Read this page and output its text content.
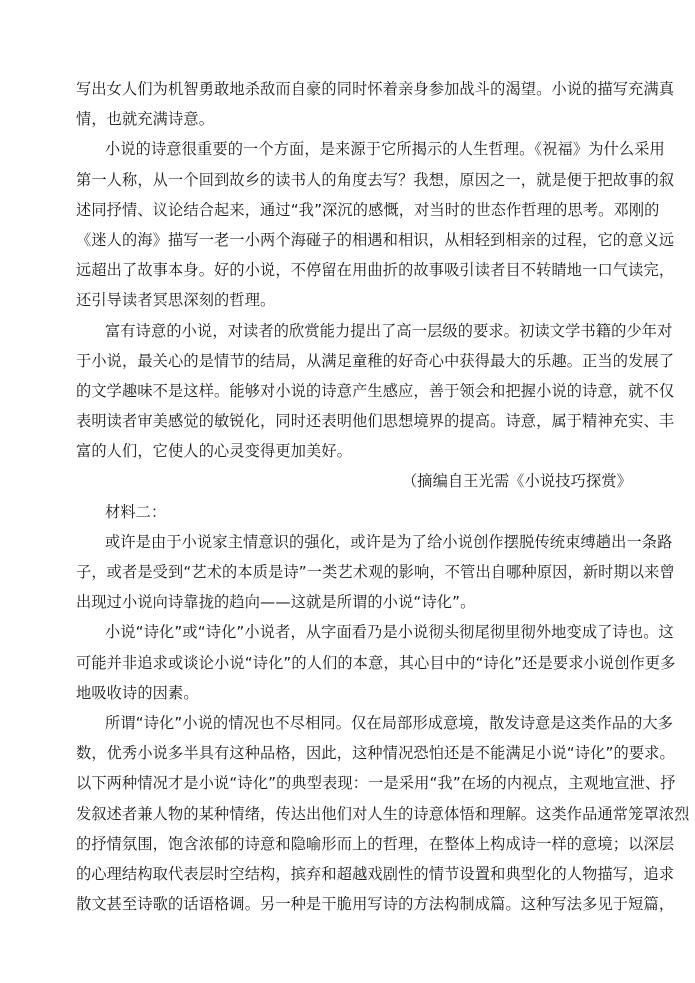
写出女人们为机智勇敢地杀敌而自豪的同时怀着亲身参加战斗的渴望。小说的描写充满真
情，也就充满诗意。
小说的诗意很重要的一个方面，是来源于它所揭示的人生哲理。《祝福》为什么采用
第一人称，从一个回到故乡的读书人的角度去写？我想，原因之一，就是便于把故事的叙
述同抒情、议论结合起来，通过“我”深沉的感慨，对当时的世态作哲理的思考。邓刚的
《迷人的海》描写一老一小两个海碰子的相遇和相识，从相轻到相亲的过程，它的意义远
远超出了故事本身。好的小说，不停留在用曲折的故事吸引读者目不转睛地一口气读完，
还引导读者冥思深刻的哲理。
富有诗意的小说，对读者的欣赏能力提出了高一层级的要求。初读文学书籍的少年对
于小说，最关心的是情节的结局，从满足童稚的好奇心中获得最大的乐趣。正当的发展了
的文学趣味不是这样。能够对小说的诗意产生感应，善于领会和把握小说的诗意，就不仅
表明读者审美感觉的敏锐化，同时还表明他们思想境界的提高。诗意，属于精神充实、丰
富的人们，它使人的心灵变得更加美好。
（摘编自王光需《小说技巧探赏》
材料二：
或许是由于小说家主情意识的强化，或许是为了给小说创作摆脱传统束缚趟出一条路
子，或者是受到“艺术的本质是诗”一类艺术观的影响，不管出自哪种原因，新时期以来曾
出现过小说向诗靠拢的趋向——这就是所谓的小说“诗化”。
小说“诗化”或“诗化”小说者，从字面看乃是小说彻头彻尾彻里彻外地变成了诗也。这
可能并非追求或谈论小说“诗化”的人们的本意，其心目中的“诗化”还是要求小说创作更多
地吸收诗的因素。
所谓“诗化”小说的情况也不尽相同。仅在局部形成意境，散发诗意是这类作品的大多
数，优秀小说多半具有这种品格，因此，这种情况恐怕还是不能满足小说“诗化”的要求。
以下两种情况才是小说“诗化”的典型表现：一是采用“我”在场的内视点，主观地宣泄、抒
发叙述者兼人物的某种情绪，传达出他们对人生的诗意体悟和理解。这类作品通常笼罩浓烈
的抒情氛围，饱含浓郁的诗意和隐喻形而上的哲理，在整体上构成诗一样的意境；以深层
的心理结构取代表层时空结构，摈弃和超越戏剧性的情节设置和典型化的人物描写，追求
散文甚至诗歌的话语格调。另一种是干脆用写诗的方法构制成篇。这种写法多见于短篇，
